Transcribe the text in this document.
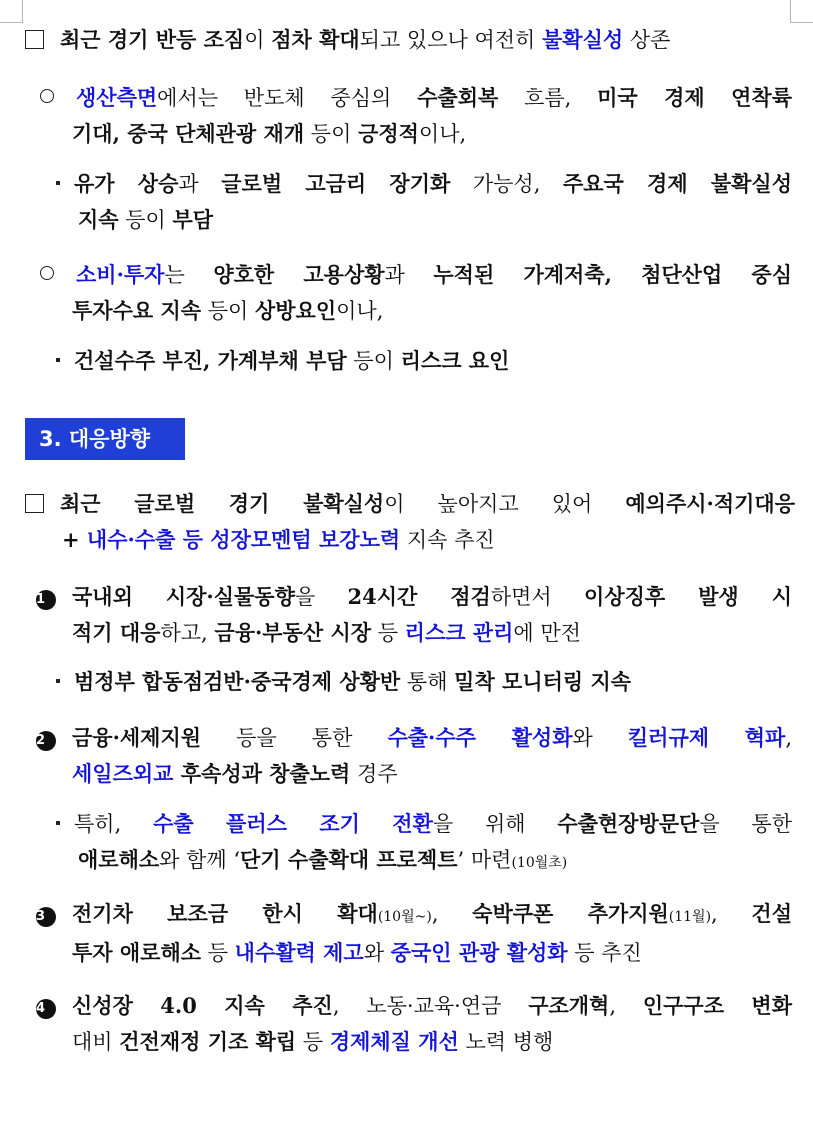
최근 경기 반등 조짐이 점차 확대되고 있으나 여전히 불확실성 상존
생산측면에서는 반도체 중심의 수출회복 흐름, 미국 경제 연착륙
기대, 중국 단체관광 재개 등이 긍정적이나,
유가 상승과 글로벌 고금리 장기화 가능성, 주요국 경제 불확실성
지속 등이 부담
소비·투자는 양호한 고용상황과 누적된 가계저축, 첨단산업 중심
투자수요 지속 등이 상방요인이나,
건설수주 부진, 가계부채 부담 등이 리스크 요인
3. 대응방향
최근 글로벌 경기 불확실성이 높아지고 있어 예의주시·적기대응
+ 내수·수출 등 성장모멘텀 보강노력 지속 추진
1 국내외 시장·실물동향을 24시간 점검하면서 이상징후 발생 시
적기 대응하고, 금융·부동산 시장 등 리스크 관리에 만전
범정부 합동점검반·중국경제 상황반 통해 밀착 모니터링 지속
2 금융·세제지원 등을 통한 수출·수주 활성화와 킬러규제 혁파,
세일즈외교 후속성과 창출노력 경주
특히, 수출 플러스 조기 전환을 위해 수출현장방문단을 통한
애로해소와 함께 ‘단기 수출확대 프로젝트’ 마련(10월초)
3 전기차 보조금 한시 확대(10월~), 숙박쿠폰 추가지원(11월), 건설
투자 애로해소 등 내수활력 제고와 중국인 관광 활성화 등 추진
4 신성장 4.0 지속 추진, 노동·교육·연금 구조개혁, 인구구조 변화
대비 건전재정 기조 확립 등 경제체질 개선 노력 병행
